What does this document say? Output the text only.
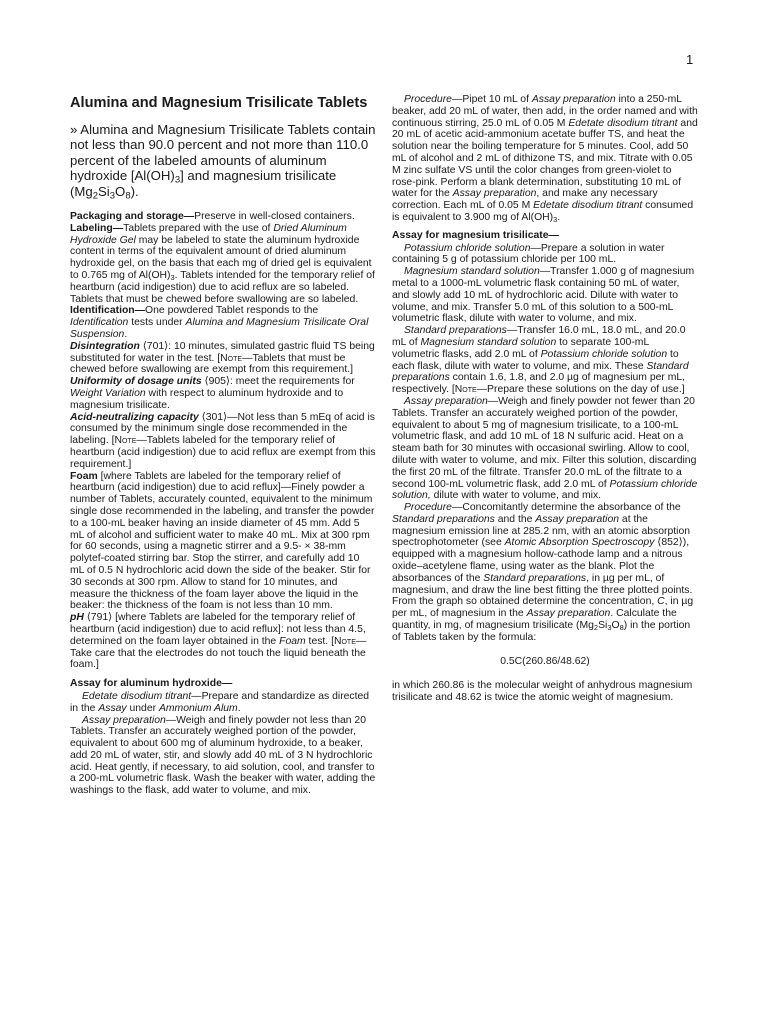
1
Alumina and Magnesium Trisilicate Tablets

» Alumina and Magnesium Trisilicate Tablets contain not less than 90.0 percent and not more than 110.0 percent of the labeled amounts of aluminum hydroxide $[Al(OH)_3]$ and magnesium trisilicate $(Mg_2Si_3O_8)$.

Packaging and storage—Preserve in well-closed containers.

Labeling—Tablets prepared with the use of Dried Aluminum Hydroxide Gel may be labeled to state the aluminum hydroxide content in terms of the equivalent amount of dried aluminum hydroxide gel, on the basis that each mg of dried gel is equivalent to 0.765 mg of $Al(OH)_3$. Tablets intended for the temporary relief of heartburn (acid indigestion) due to acid reflux are so labeled. Tablets that must be chewed before swallowing are so labeled.

Identification—One powdered Tablet responds to the Identification tests under Alumina and Magnesium Trisilicate Oral Suspension.

Disintegration ⟨701⟩: 10 minutes, simulated gastric fluid TS being substituted for water in the test. [Note—Tablets that must be chewed before swallowing are exempt from this requirement.]

Uniformity of dosage units ⟨905⟩: meet the requirements for Weight Variation with respect to aluminum hydroxide and to magnesium trisilicate.

Acid-neutralizing capacity ⟨301⟩—Not less than 5 mEq of acid is consumed by the minimum single dose recommended in the labeling. [Note—Tablets labeled for the temporary relief of heartburn (acid indigestion) due to acid reflux are exempt from this requirement.]

Foam [where Tablets are labeled for the temporary relief of heartburn (acid indigestion) due to acid reflux]—Finely powder a number of Tablets, accurately counted, equivalent to the minimum single dose recommended in the labeling, and transfer the powder to a 100-mL beaker having an inside diameter of 45 mm. Add 5 mL of alcohol and sufficient water to make 40 mL. Mix at 300 rpm for 60 seconds, using a magnetic stirrer and a 9.5- × 38-mm polytef-coated stirring bar. Stop the stirrer, and carefully add 10 mL of 0.5 N hydrochloric acid down the side of the beaker. Stir for 30 seconds at 300 rpm. Allow to stand for 10 minutes, and measure the thickness of the foam layer above the liquid in the beaker: the thickness of the foam is not less than 10 mm.

pH ⟨791⟩ [where Tablets are labeled for the temporary relief of heartburn (acid indigestion) due to acid reflux]: not less than 4.5, determined on the foam layer obtained in the Foam test. [Note—Take care that the electrodes do not touch the liquid beneath the foam.]

Assay for aluminum hydroxide—

Edetate disodium titrant—Prepare and standardize as directed in the Assay under Ammonium Alum.

Assay preparation—Weigh and finely powder not less than 20 Tablets. Transfer an accurately weighed portion of the powder, equivalent to about 600 mg of aluminum hydroxide, to a beaker, add 20 mL of water, stir, and slowly add 40 mL of 3 N hydrochloric acid. Heat gently, if necessary, to aid solution, cool, and transfer to a 200-mL volumetric flask. Wash the beaker with water, adding the washings to the flask, add water to volume, and mix.

Procedure—Pipet 10 mL of Assay preparation into a 250-mL beaker, add 20 mL of water, then add, in the order named and with continuous stirring, 25.0 mL of 0.05 M Edetate disodium titrant and 20 mL of acetic acid-ammonium acetate buffer TS, and heat the solution near the boiling temperature for 5 minutes. Cool, add 50 mL of alcohol and 2 mL of dithizone TS, and mix. Titrate with 0.05 M zinc sulfate VS until the color changes from green-violet to rose-pink. Perform a blank determination, substituting 10 mL of water for the Assay preparation, and make any necessary correction. Each mL of 0.05 M Edetate disodium titrant consumed is equivalent to 3.900 mg of $Al(OH)_3$.

Assay for magnesium trisilicate—

Potassium chloride solution—Prepare a solution in water containing 5 g of potassium chloride per 100 mL.

Magnesium standard solution—Transfer 1.000 g of magnesium metal to a 1000-mL volumetric flask containing 50 mL of water, and slowly add 10 mL of hydrochloric acid. Dilute with water to volume, and mix. Transfer 5.0 mL of this solution to a 500-mL volumetric flask, dilute with water to volume, and mix.

Standard preparations—Transfer 16.0 mL, 18.0 mL, and 20.0 mL of Magnesium standard solution to separate 100-mL volumetric flasks, add 2.0 mL of Potassium chloride solution to each flask, dilute with water to volume, and mix. These Standard preparations contain 1.6, 1.8, and 2.0 µg of magnesium per mL, respectively. [Note—Prepare these solutions on the day of use.]

Assay preparation—Weigh and finely powder not fewer than 20 Tablets. Transfer an accurately weighed portion of the powder, equivalent to about 5 mg of magnesium trisilicate, to a 100-mL volumetric flask, and add 10 mL of 18 N sulfuric acid. Heat on a steam bath for 30 minutes with occasional swirling. Allow to cool, dilute with water to volume, and mix. Filter this solution, discarding the first 20 mL of the filtrate. Transfer 20.0 mL of the filtrate to a second 100-mL volumetric flask, add 2.0 mL of Potassium chloride solution, dilute with water to volume, and mix.

Procedure—Concomitantly determine the absorbance of the Standard preparations and the Assay preparation at the magnesium emission line at 285.2 nm, with an atomic absorption spectrophotometer (see Atomic Absorption Spectroscopy ⟨852⟩), equipped with a magnesium hollow-cathode lamp and a nitrous oxide–acetylene flame, using water as the blank. Plot the absorbances of the Standard preparations, in µg per mL, of magnesium, and draw the line best fitting the three plotted points. From the graph so obtained determine the concentration, C, in µg per mL, of magnesium in the Assay preparation. Calculate the quantity, in mg, of magnesium trisilicate $(Mg_2Si_3O_8)$ in the portion of Tablets taken by the formula:

0.5C(260.86/48.62)

in which 260.86 is the molecular weight of anhydrous magnesium trisilicate and 48.62 is twice the atomic weight of magnesium.
